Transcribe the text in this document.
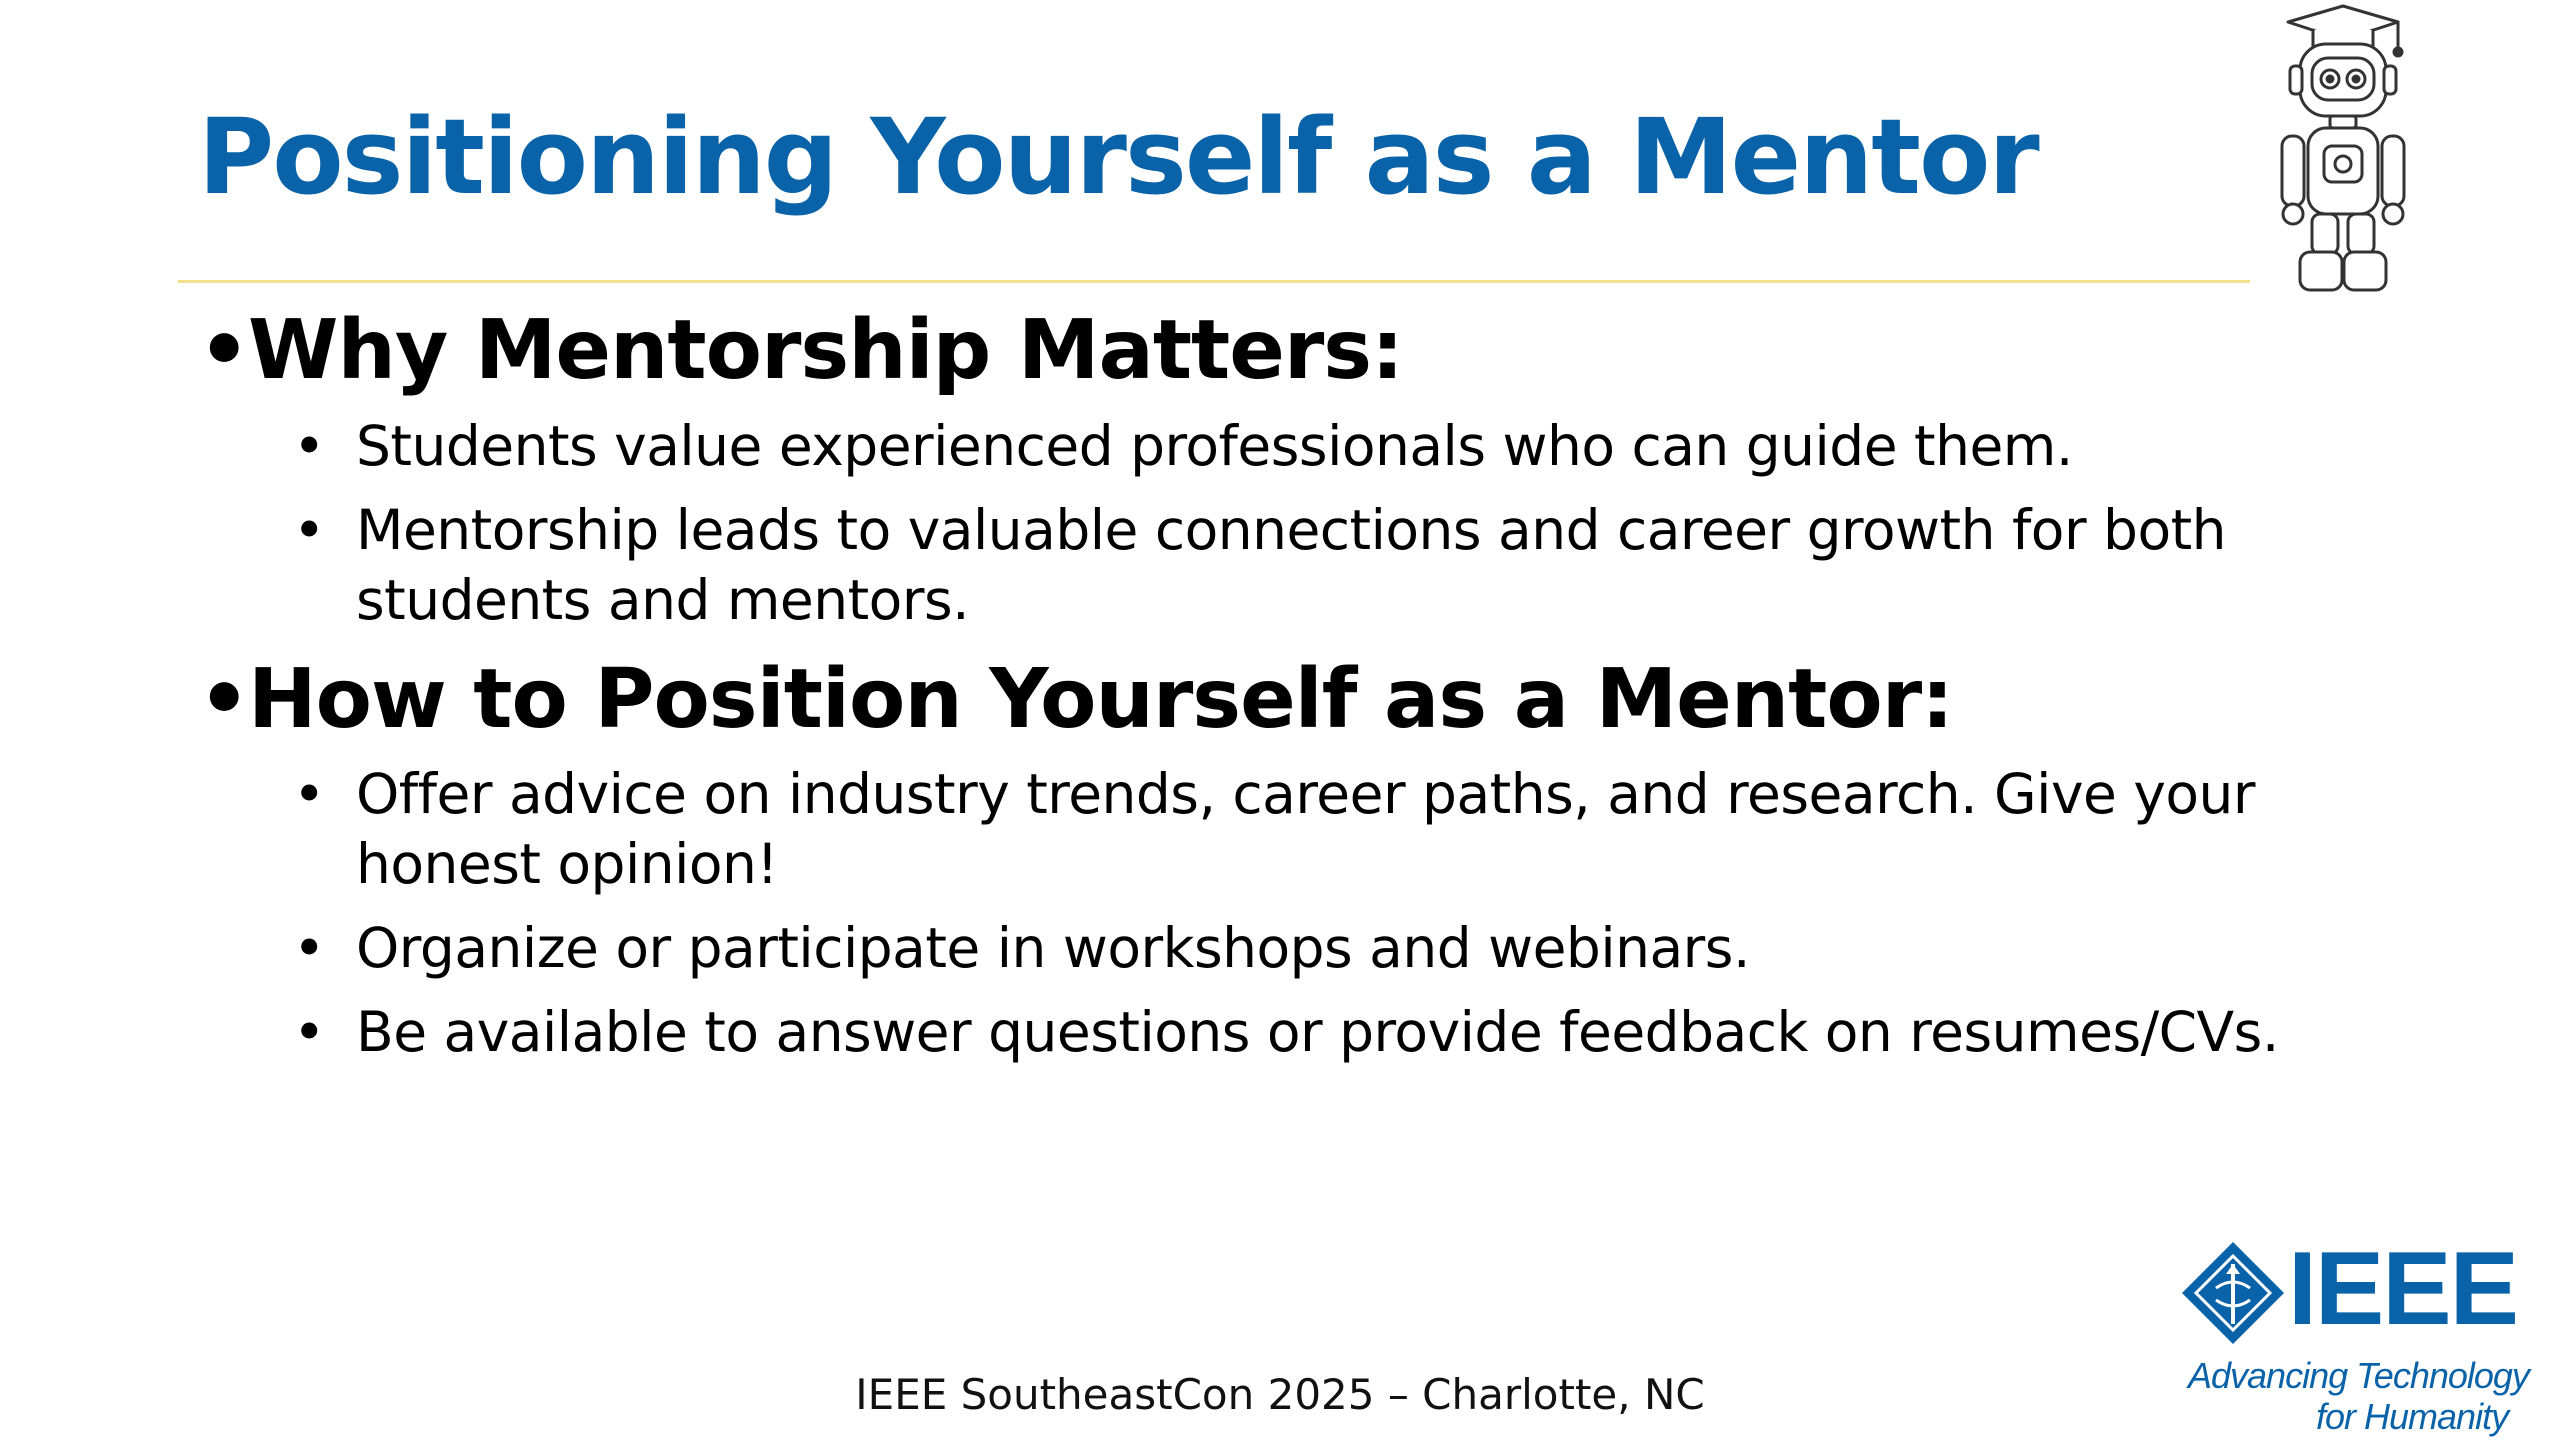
Positioning Yourself as a Mentor
• Why Mentorship Matters:
• Students value experienced professionals who can guide them.
• Mentorship leads to valuable connections and career growth for both students and mentors.
• How to Position Yourself as a Mentor:
• Offer advice on industry trends, career paths, and research. Give your honest opinion!
• Organize or participate in workshops and webinars.
• Be available to answer questions or provide feedback on resumes/CVs.
IEEE SoutheastCon 2025 – Charlotte, NC
IEEE
Advancing Technology
for Humanity
